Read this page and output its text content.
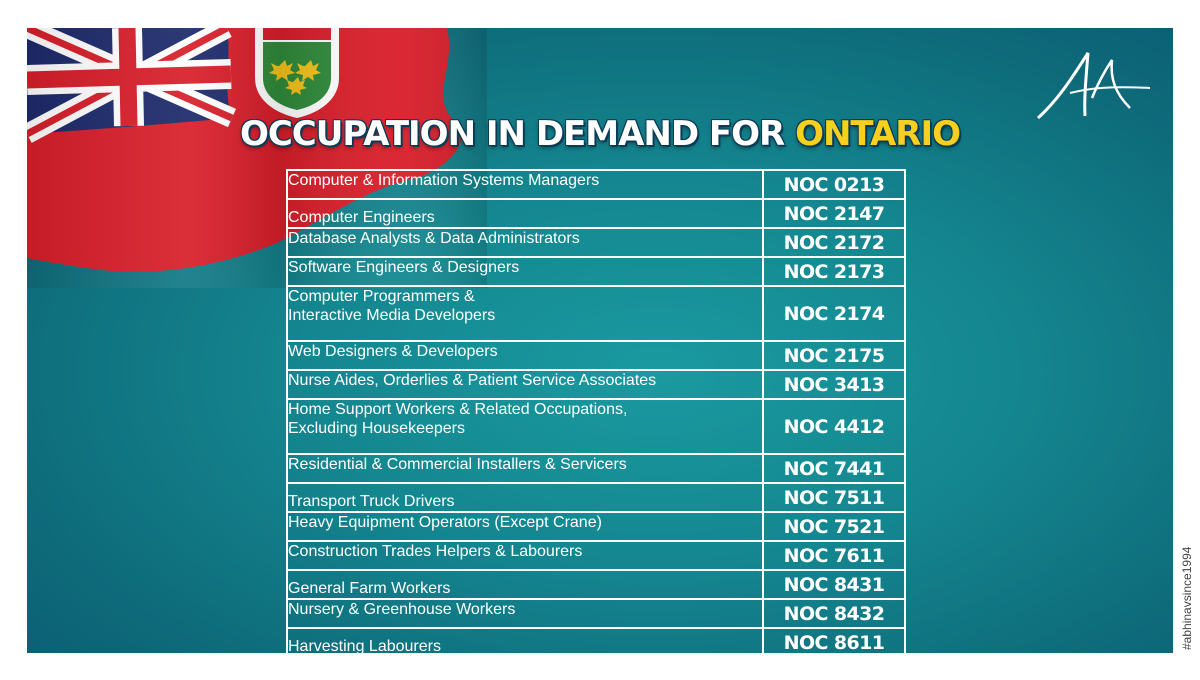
OCCUPATION IN DEMAND FOR ONTARIO
Computer & Information Systems Managers	NOC 0213
Computer Engineers	NOC 2147
Database Analysts & Data Administrators	NOC 2172
Software Engineers & Designers	NOC 2173

Computer Programmers &
Interactive Media Developers	NOC 2174
Web Designers & Developers	NOC 2175
Nurse Aides, Orderlies & Patient Service Associates	NOC 3413

Home Support Workers & Related Occupations,
Excluding Housekeepers	NOC 4412
Residential & Commercial Installers & Servicers	NOC 7441
Transport Truck Drivers	NOC 7511
Heavy Equipment Operators (Except Crane)	NOC 7521
Construction Trades Helpers & Labourers	NOC 7611
General Farm Workers	NOC 8431
Nursery & Greenhouse Workers	NOC 8432
Harvesting Labourers	NOC 8611	#abhinavsince1994
